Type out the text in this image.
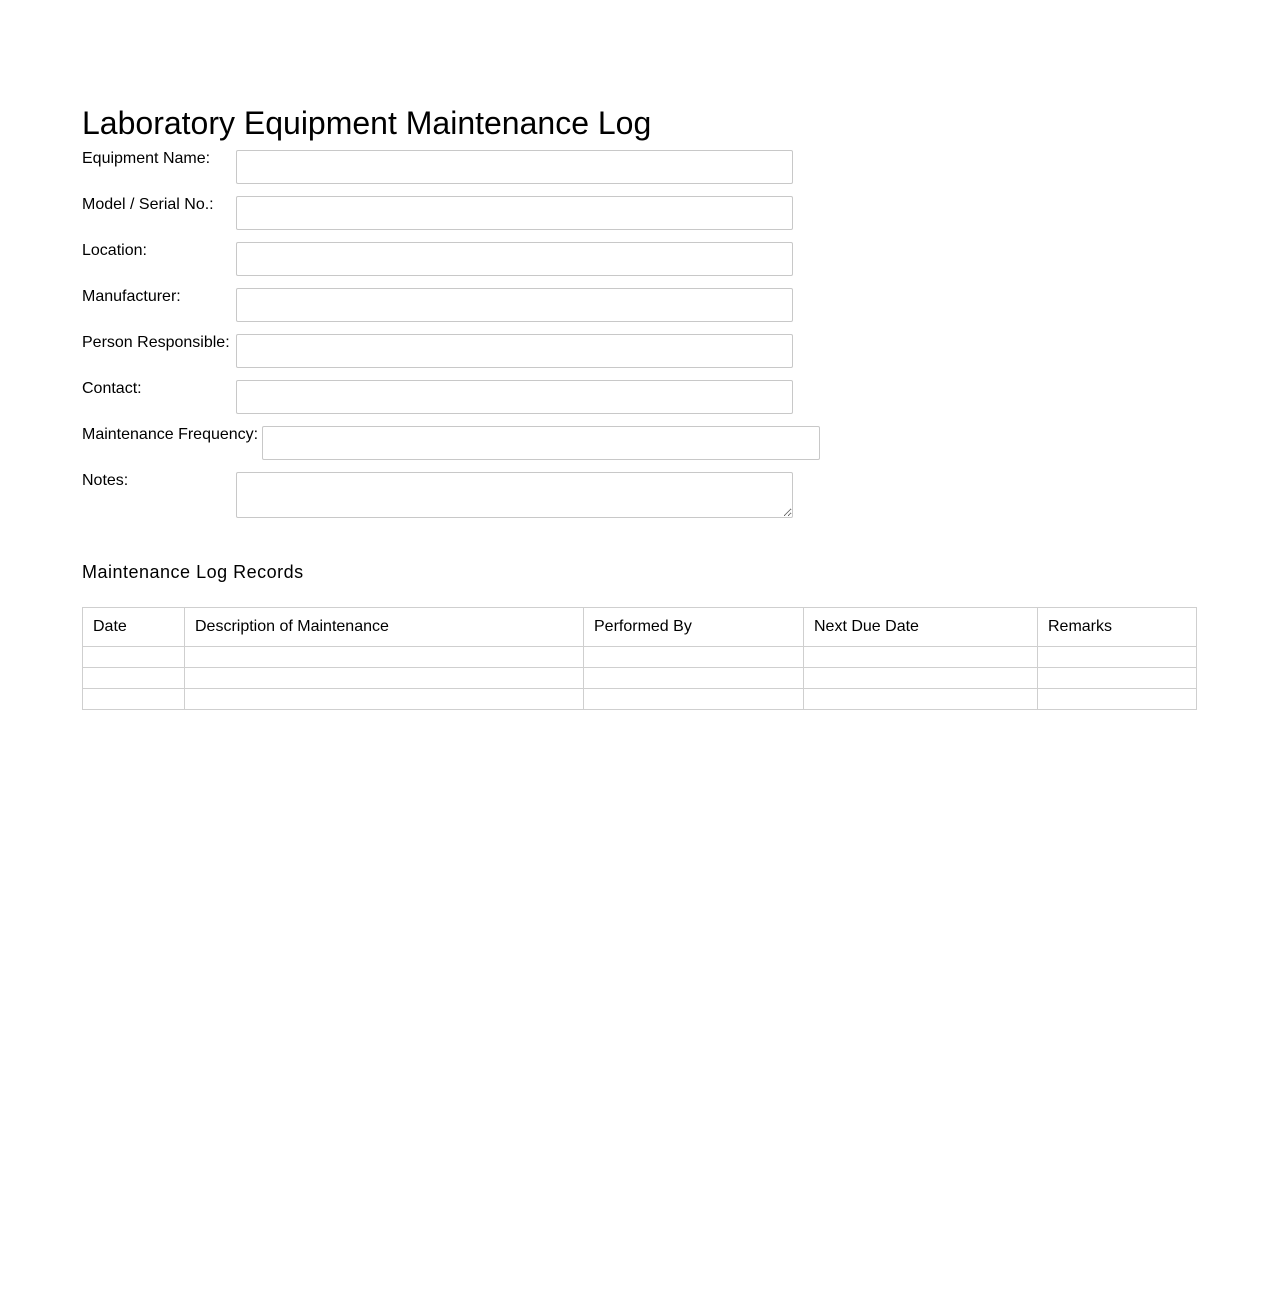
Laboratory Equipment Maintenance Log
Equipment Name:
Model / Serial No.:
Location:
Manufacturer:
Person Responsible:
Contact:
Maintenance Frequency:
Notes:
Maintenance Log Records
Date	Description of Maintenance	Performed By	Next Due Date	Remarks
